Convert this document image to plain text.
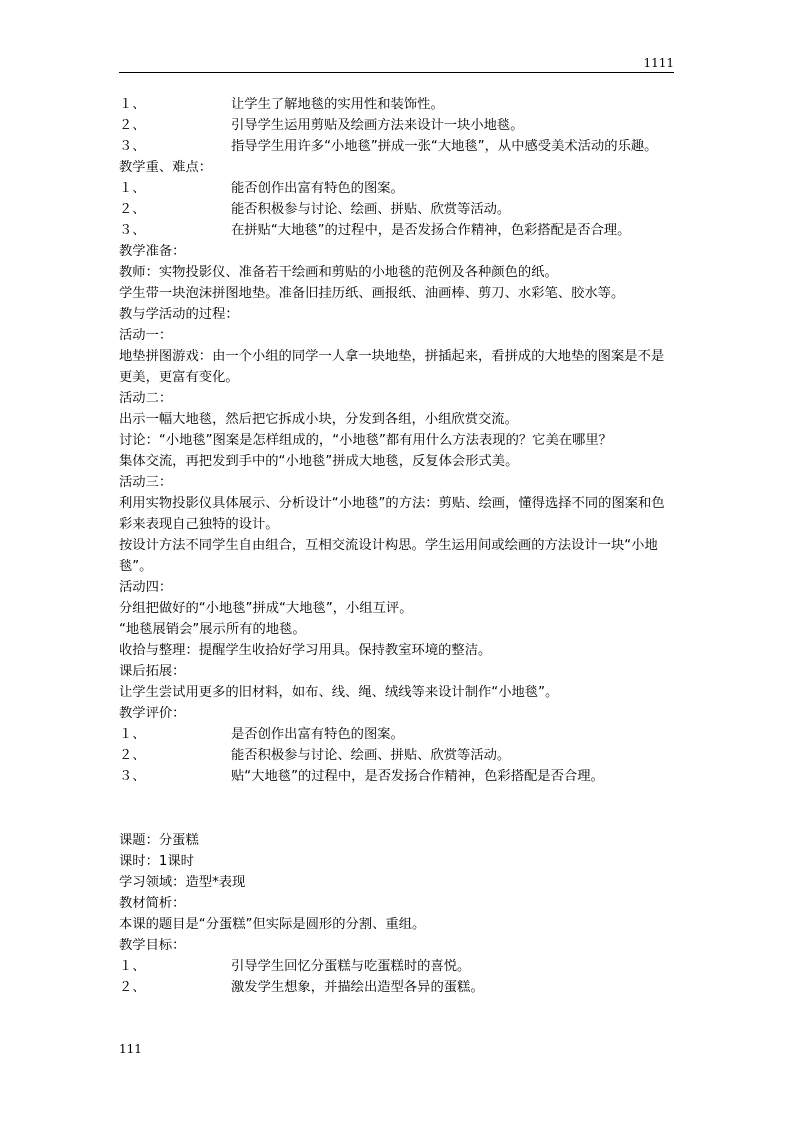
1111
１、	让学生了解地毯的实用性和装饰性。
２、	引导学生运用剪贴及绘画方法来设计一块小地毯。
３、	指导学生用许多“小地毯”拼成一张“大地毯”，从中感受美术活动的乐趣。
教学重、难点：
１、	能否创作出富有特色的图案。
２、	能否积极参与讨论、绘画、拼贴、欣赏等活动。
３、	在拼贴“大地毯”的过程中，是否发扬合作精神，色彩搭配是否合理。
教学准备：
教师：实物投影仪、准备若干绘画和剪贴的小地毯的范例及各种颜色的纸。
学生带一块泡沫拼图地垫。准备旧挂历纸、画报纸、油画棒、剪刀、水彩笔、胶水等。
教与学活动的过程：
活动一：
地垫拼图游戏：由一个小组的同学一人拿一块地垫，拼插起来，看拼成的大地垫的图案是不是更美，更富有变化。
活动二：
出示一幅大地毯，然后把它拆成小块，分发到各组，小组欣赏交流。
讨论：“小地毯”图案是怎样组成的，“小地毯”都有用什么方法表现的？它美在哪里？
集体交流，再把发到手中的“小地毯”拼成大地毯，反复体会形式美。
活动三：
利用实物投影仪具体展示、分析设计“小地毯”的方法：剪贴、绘画，懂得选择不同的图案和色彩来表现自己独特的设计。
按设计方法不同学生自由组合，互相交流设计构思。学生运用间或绘画的方法设计一块“小地毯”。
活动四：
分组把做好的“小地毯”拼成“大地毯”，小组互评。
“地毯展销会”展示所有的地毯。
收拾与整理：提醒学生收拾好学习用具。保持教室环境的整洁。
课后拓展：
让学生尝试用更多的旧材料，如布、线、绳、绒线等来设计制作“小地毯”。
教学评价：
１、	是否创作出富有特色的图案。
２、	能否积极参与讨论、绘画、拼贴、欣赏等活动。
３、	贴“大地毯”的过程中，是否发扬合作精神，色彩搭配是否合理。
课题：分蛋糕
课时：1课时
学习领域：造型*表现
教材简析：
本课的题目是“分蛋糕”但实际是圆形的分割、重组。
教学目标：
１、	引导学生回忆分蛋糕与吃蛋糕时的喜悦。
２、	激发学生想象，并描绘出造型各异的蛋糕。
111
